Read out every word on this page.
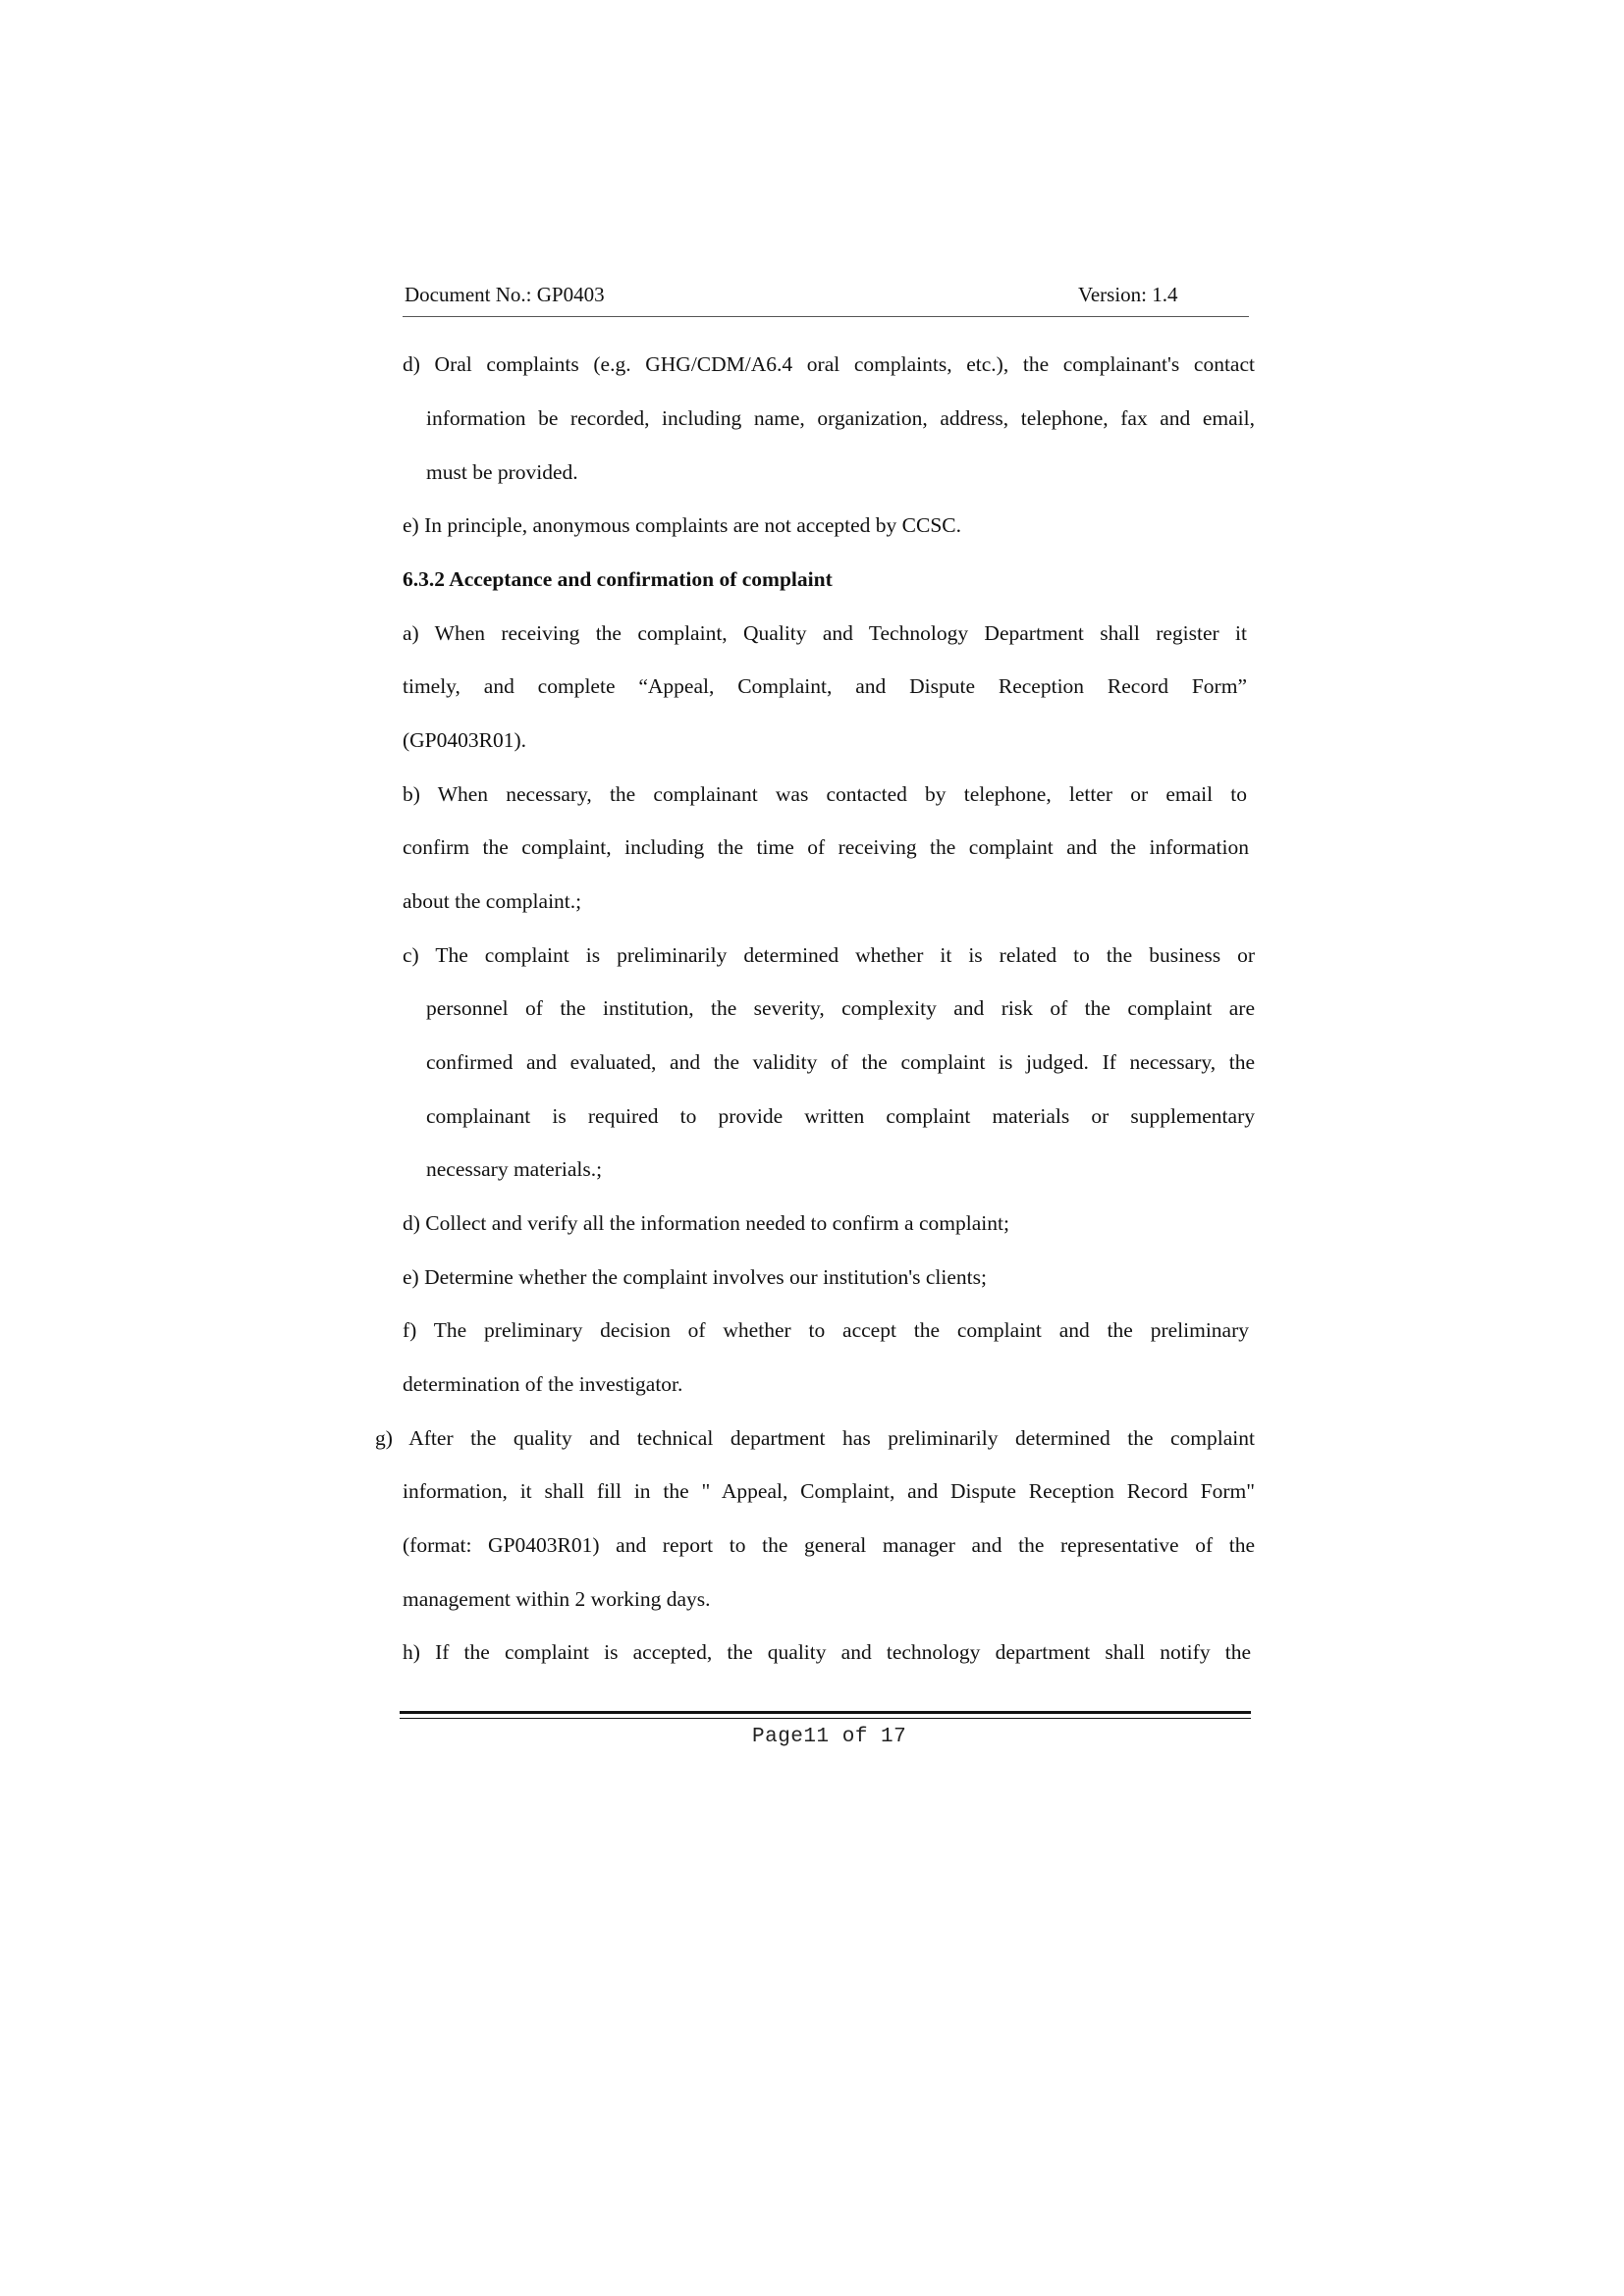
Document No.: GP0403	Version: 1.4
d) Oral complaints (e.g. GHG/CDM/A6.4 oral complaints, etc.), the complainant's contact
information be recorded, including name, organization, address, telephone, fax and email,
must be provided.
e) In principle, anonymous complaints are not accepted by CCSC.
6.3.2 Acceptance and confirmation of complaint
a) When receiving the complaint, Quality and Technology Department shall register it
timely, and complete “Appeal, Complaint, and Dispute Reception Record Form”
(GP0403R01).
b) When necessary, the complainant was contacted by telephone, letter or email to
confirm the complaint, including the time of receiving the complaint and the information
about the complaint.;
c) The complaint is preliminarily determined whether it is related to the business or
personnel of the institution, the severity, complexity and risk of the complaint are
confirmed and evaluated, and the validity of the complaint is judged. If necessary, the
complainant is required to provide written complaint materials or supplementary
necessary materials.;
d) Collect and verify all the information needed to confirm a complaint;
e) Determine whether the complaint involves our institution's clients;
f) The preliminary decision of whether to accept the complaint and the preliminary
determination of the investigator.
g) After the quality and technical department has preliminarily determined the complaint
information, it shall fill in the " Appeal, Complaint, and Dispute Reception Record Form"
(format: GP0403R01) and report to the general manager and the representative of the
management within 2 working days.
h) If the complaint is accepted, the quality and technology department shall notify the
Page11 of 17
